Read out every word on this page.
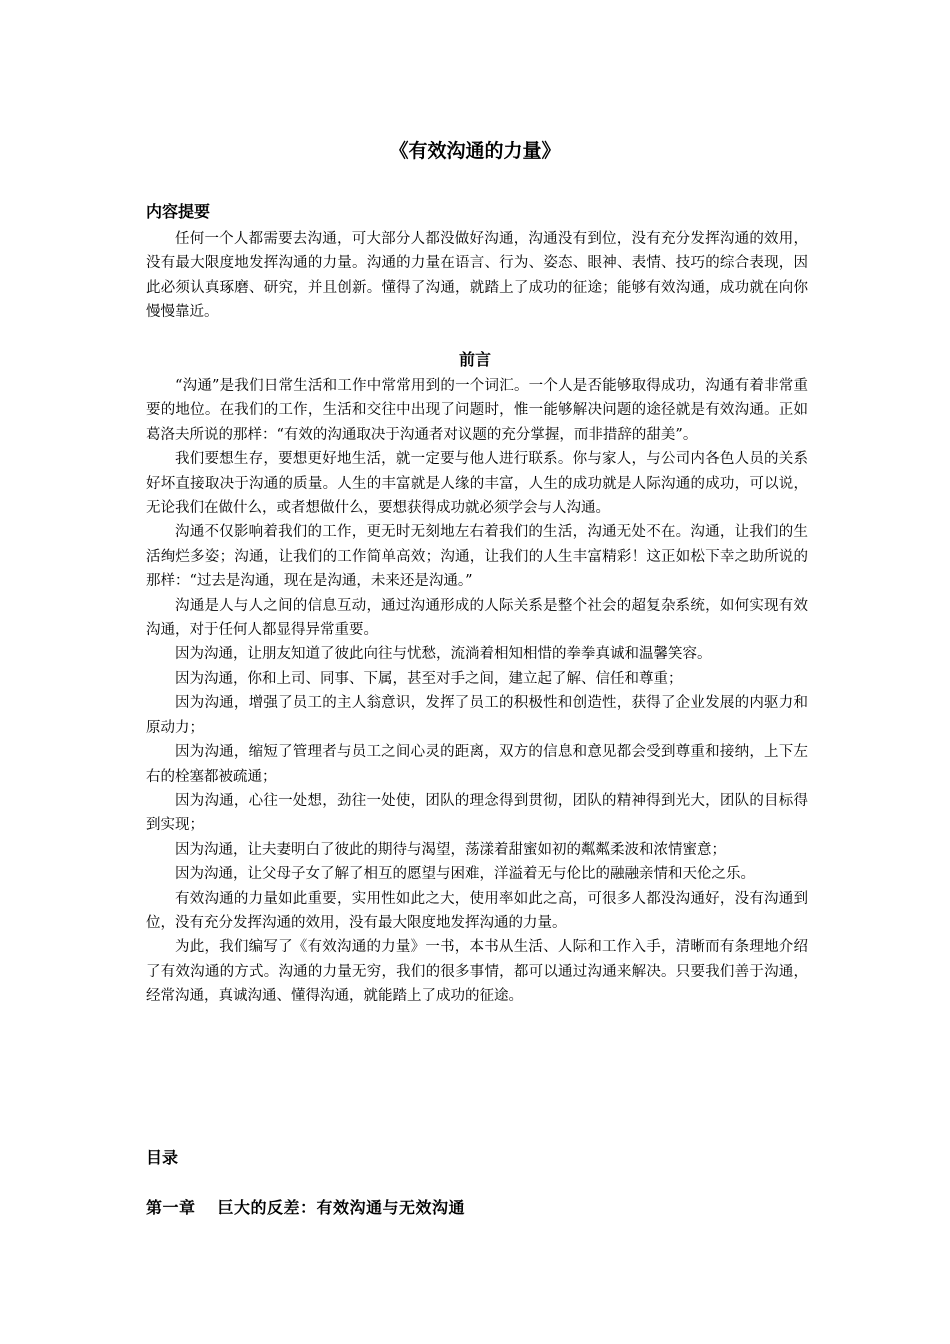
《有效沟通的力量》
内容提要

任何一个人都需要去沟通，可大部分人都没做好沟通，沟通没有到位，没有充分发挥沟通的效用，没有最大限度地发挥沟通的力量。沟通的力量在语言、行为、姿态、眼神、表情、技巧的综合表现，因此必须认真琢磨、研究，并且创新。懂得了沟通，就踏上了成功的征途；能够有效沟通，成功就在向你慢慢靠近。

前言

“沟通”是我们日常生活和工作中常常用到的一个词汇。一个人是否能够取得成功，沟通有着非常重要的地位。在我们的工作，生活和交往中出现了问题时，惟一能够解决问题的途径就是有效沟通。正如葛洛夫所说的那样：“有效的沟通取决于沟通者对议题的充分掌握，而非措辞的甜美”。

我们要想生存，要想更好地生活，就一定要与他人进行联系。你与家人，与公司内各色人员的关系好坏直接取决于沟通的质量。人生的丰富就是人缘的丰富，人生的成功就是人际沟通的成功，可以说，无论我们在做什么，或者想做什么，要想获得成功就必须学会与人沟通。

沟通不仅影响着我们的工作，更无时无刻地左右着我们的生活，沟通无处不在。沟通，让我们的生活绚烂多姿；沟通，让我们的工作简单高效；沟通，让我们的人生丰富精彩！这正如松下幸之助所说的那样：“过去是沟通，现在是沟通，未来还是沟通。”

沟通是人与人之间的信息互动，通过沟通形成的人际关系是整个社会的超复杂系统，如何实现有效沟通，对于任何人都显得异常重要。

因为沟通，让朋友知道了彼此向往与忧愁，流淌着相知相惜的拳拳真诚和温馨笑容。

因为沟通，你和上司、同事、下属，甚至对手之间，建立起了解、信任和尊重；

因为沟通，增强了员工的主人翁意识，发挥了员工的积极性和创造性，获得了企业发展的内驱力和原动力；

因为沟通，缩短了管理者与员工之间心灵的距离，双方的信息和意见都会受到尊重和接纳，上下左右的栓塞都被疏通；

因为沟通，心往一处想，劲往一处使，团队的理念得到贯彻，团队的精神得到光大，团队的目标得到实现；

因为沟通，让夫妻明白了彼此的期待与渴望，荡漾着甜蜜如初的粼粼柔波和浓情蜜意；

因为沟通，让父母子女了解了相互的愿望与困难，洋溢着无与伦比的融融亲情和天伦之乐。

有效沟通的力量如此重要，实用性如此之大，使用率如此之高，可很多人都没沟通好，没有沟通到位，没有充分发挥沟通的效用，没有最大限度地发挥沟通的力量。

为此，我们编写了《有效沟通的力量》一书，本书从生活、人际和工作入手，清晰而有条理地介绍了有效沟通的方式。沟通的力量无穷，我们的很多事情，都可以通过沟通来解决。只要我们善于沟通，经常沟通，真诚沟通、懂得沟通，就能踏上了成功的征途。

目录
第一章 巨大的反差：有效沟通与无效沟通
